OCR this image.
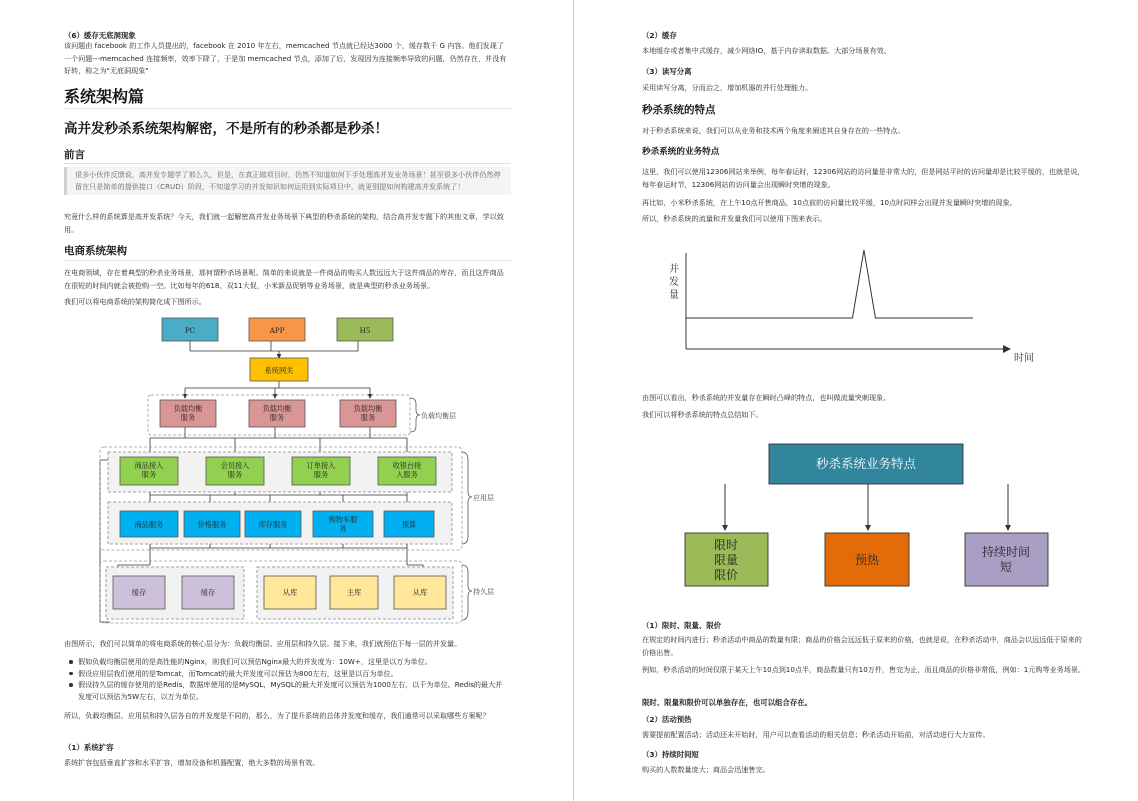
（6）缓存无底洞现象
该问题由 facebook 的工作人员提出的，facebook 在 2010 年左右，memcached 节点就已经达3000 个，缓存数千 G 内容。他们发现了一个问题---memcached 连接频率，效率下降了，于是加 memcached 节点，添加了后，发现因为连接频率导致的问题，仍然存在，并没有好转，称之为"无底洞现象"
系统架构篇
高并发秒杀系统架构解密，不是所有的秒杀都是秒杀！
前言
很多小伙伴反馈说，高并发专题学了那么久，但是，在真正做项目时，仍然不知道如何下手处理高并发业务场景！甚至很多小伙伴仍然停留在只是简单的提供接口（CRUD）阶段，不知道学习的并发知识如何运用到实际项目中，就更别提如何构建高并发系统了！
究竟什么样的系统算是高并发系统？今天，我们就一起解密高并发业务场景下典型的秒杀系统的架构，结合高并发专题下的其他文章，学以致用。
电商系统架构
在电商领域，存在着典型的秒杀业务场景，那何谓秒杀场景呢。简单的来说就是一件商品的购买人数远远大于这件商品的库存，而且这件商品在很短的时间内就会被抢购一空。比如每年的618、双11大促，小米新品促销等业务场景，就是典型的秒杀业务场景。
我们可以将电商系统的架构简化成下图所示。
PC	APP	H5
系统网关
负载均衡服务
负载均衡服务
负载均衡服务
商品接入服务
会员接入服务
订单接入服务
收银台接入服务
商品服务	价格服务	库存服务
购物车服务	预算
缓存	缓存	从库	主库	从库
负载均衡层
应用层
持久层
由图所示，我们可以简单的将电商系统的核心层分为：负载均衡层、应用层和持久层。接下来，我们就预估下每一层的并发量。
假如负载均衡层使用的是高性能的Nginx，则我们可以预估Nginx最大的并发度为：10W+，这里是以万为单位。
假设应用层我们使用的是Tomcat，而Tomcat的最大并发度可以预估为800左右，这里是以百为单位。
假设持久层的缓存使用的是Redis，数据库使用的是MySQL，MySQL的最大并发度可以预估为1000左右，以千为单位。Redis的最大并发度可以预估为5W左右，以万为单位。
所以，负载均衡层、应用层和持久层各自的并发度是不同的，那么，为了提升系统的总体并发度和缓存，我们通常可以采取哪些方案呢？
（1）系统扩容
系统扩容包括垂直扩容和水平扩容，增加设备和机器配置，绝大多数的场景有效。
（2）缓存
本地缓存或者集中式缓存，减少网络IO，基于内存读取数据。大部分场景有效。
（3）读写分离
采用读写分离，分而治之，增加机器的并行处理能力。
秒杀系统的特点
对于秒杀系统来说，我们可以从业务和技术两个角度来阐述其自身存在的一些特点。
秒杀系统的业务特点
这里，我们可以使用12306网站来举例，每年春运时，12306网站的访问量是非常大的，但是网站平时的访问量却是比较平缓的，也就是说，每年春运时节，12306网站的访问量会出现瞬时突增的现象。
再比如，小米秒杀系统，在上午10点开售商品，10点前的访问量比较平缓，10点时同样会出现并发量瞬时突增的现象。
所以，秒杀系统的流量和并发量我们可以使用下图来表示。
并发量
时间
由图可以看出，秒杀系统的并发量存在瞬时凸峰的特点，也叫做流量突刺现象。
我们可以将秒杀系统的特点总结如下。
秒杀系统业务特点
限时限量限价
预热
持续时间短
（1）限时、限量、限价
在规定的时间内进行；秒杀活动中商品的数量有限；商品的价格会远远低于原来的价格，也就是说，在秒杀活动中，商品会以远远低于原来的价格出售。
例如，秒杀活动的时间仅限于某天上午10点到10点半，商品数量只有10万件，售完为止，而且商品的价格非常低，例如：1元购等业务场景。
限时、限量和限价可以单独存在，也可以组合存在。
（2）活动预热
需要提前配置活动；活动还未开始时，用户可以查看活动的相关信息；秒杀活动开始前，对活动进行大力宣传。
（3）持续时间短
购买的人数数量庞大；商品会迅速售完。
